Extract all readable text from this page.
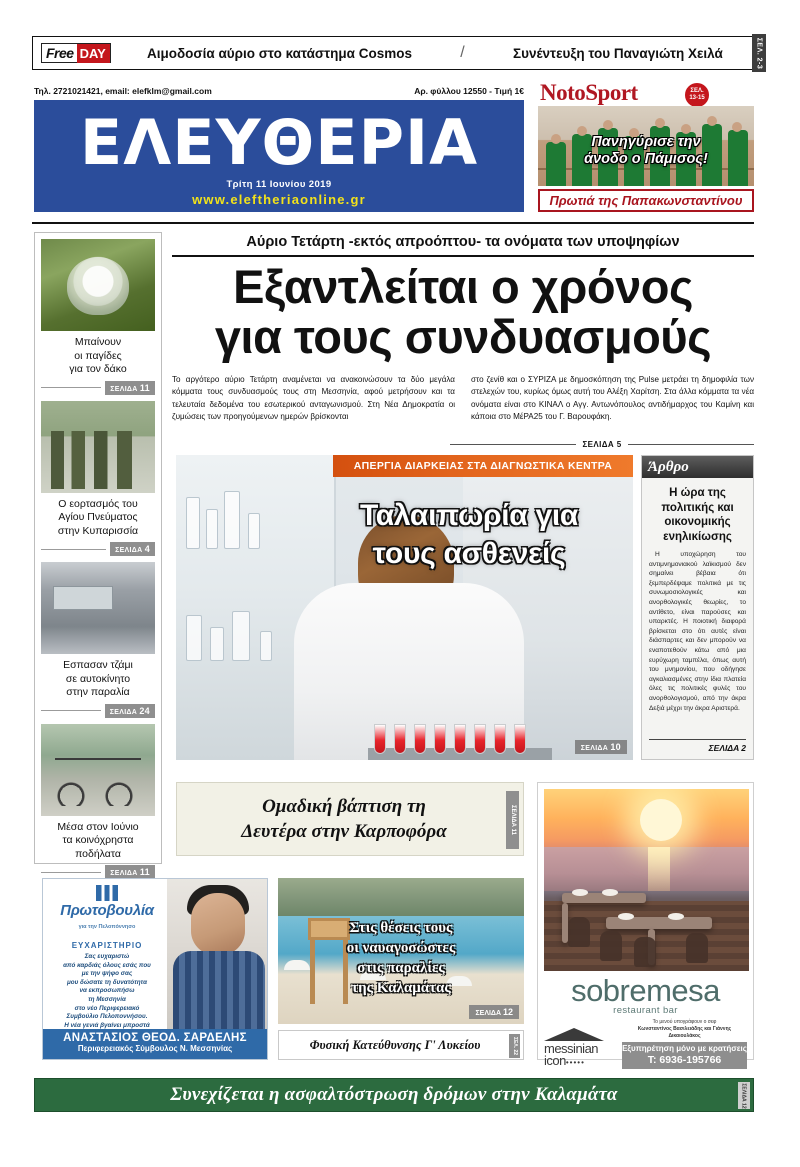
Free DAY	Αιμοδοσία αύριο στο κατάστημα Cosmos	/	Συνέντευξη του Παναγιώτη Χειλά	ΣΕΛ. 2-3
Τηλ. 2721021421, email: elefklm@gmail.com	Αρ. φύλλου 12550 - Τιμή 1€
ΕΛΕΥΘΕΡΙΑ
Τρίτη 11 Ιουνίου 2019
www.eleftheriaonline.gr
NotoSport	ΣΕΛ.
13-15
Πανηγύρισε την
άνοδο ο Πάμισος!
Πρωτιά της Παπακωνσταντίνου
Μπαίνουν
οι παγίδες
για τον δάκο
ΣΕΛΙΔΑ 11
Ο εορτασμός του
Αγίου Πνεύματος
στην Κυπαρισσία
ΣΕΛΙΔΑ 4
Εσπασαν τζάμι
σε αυτοκίνητο
στην παραλία
ΣΕΛΙΔΑ 24
Μέσα στον Ιούνιο
τα κοινόχρηστα
ποδήλατα
ΣΕΛΙΔΑ 11
Αύριο Τετάρτη -εκτός απροόπτου- τα ονόματα των υποψηφίων
Εξαντλείται ο χρόνος
για τους συνδυασμούς

Το αργότερο αύριο Τετάρτη αναμένεται να ανακοινώσουν τα δύο μεγάλα κόμματα τους συνδυασμούς τους στη Μεσσηνία, αφού μετρήσουν και τα τελευταία δεδομένα του εσωτερικού ανταγωνισμού. Στη Νέα Δημοκρατία οι ζυμώσεις των προηγούμενων ημερών βρίσκονται

στο ζενίθ και ο ΣΥΡΙΖΑ με δημοσκόπηση της Pulse μετράει τη δημοφιλία των στελεχών του, κυρίως όμως αυτή του Αλέξη Χαρίτση. Στα άλλα κόμματα τα νέα ονόματα είναι στο ΚΙΝΑΛ ο Αγγ. Αντωνόπουλος αντιδήμαρχος του Καμίνη και κάποια στο ΜέΡΑ25 του Γ. Βαρουφάκη.

ΣΕΛΙΔΑ 5
ΑΠΕΡΓΙΑ ΔΙΑΡΚΕΙΑΣ ΣΤΑ ΔΙΑΓΝΩΣΤΙΚΑ ΚΕΝΤΡΑ
Ταλαιπωρία για
τους ασθενείς
ΣΕΛΙΔΑ 10
Άρθρο
Η ώρα της
πολιτικής και
οικονομικής
ενηλικίωσης
Η υποχώρηση του αντιμνημονιακού λαϊκισμού δεν σημαίνει βέβαια ότι ξεμπερδέψαμε πολιτικά με τις συνωμοσιολογικές και ανορθολογικές θεωρίες, το αντίθετο, είναι παρούσες και υπαρκτές. Η ποιοτική διαφορά βρίσκεται στο ότι αυτές είναι διάσπαρτες και δεν μπορούν να εναποτεθούν κάτω από μια ευρύχωρη ταμπέλα, όπως αυτή του μνημονίου, που οδήγησε αγκαλιασμένες στην ίδια πλατεία όλες τις πολιτικές φυλές του ανορθολογισμού, από την άκρα Δεξιά μέχρι την άκρα Αριστερά.
ΣΕΛΙΔΑ 2
Ομαδική βάπτιση τη
Δευτέρα στην Καρποφόρα	ΣΕΛΙΔΑ 11
Πρωτοβουλία
για την Πελοπόννησο
ΕΥΧΑΡΙΣΤΗΡΙΟ
Σας ευχαριστώ
από καρδιάς όλους εσάς που
με την ψήφο σας
μου δώσατε τη δυνατότητα
να εκπροσωπήσω
τη Μεσσηνία
στο νέο Περιφερειακό
Συμβούλιο Πελοποννήσου.
Η νέα γενιά βγαίνει μπροστά
ΑΝΑΣΤΑΣΙΟΣ ΘΕΟΔ. ΣΑΡΔΕΛΗΣ
Περιφερειακός Σύμβουλος Ν. Μεσσηνίας
Στις θέσεις τους
οι ναυαγοσώστες
στις παραλίες
της Καλαμάτας
ΣΕΛΙΔΑ 12
Φυσική Κατεύθυνσης Γ' Λυκείου	ΣΕΛ. 22
sobremesa
restaurant bar
messinian
icon•••••
Το μενού υπογράφουν ο σεφ
Κωνσταντίνος Βασιλειάδης και Γιάννης Δικαιουλάκος
Εξυπηρέτηση μόνο με κρατήσεις
Τ: 6936-195766
Συνεχίζεται η ασφαλτόστρωση δρόμων στην Καλαμάτα	ΣΕΛΙΔΑ 12
